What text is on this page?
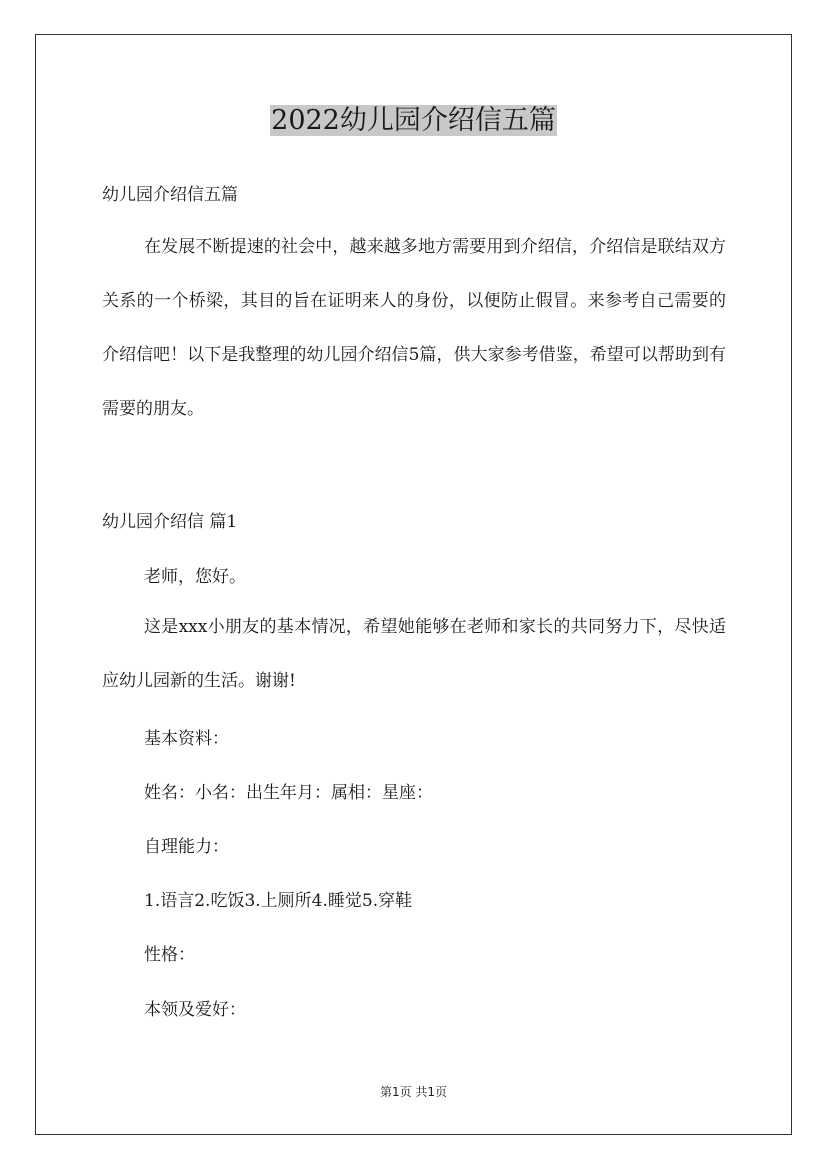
2022幼儿园介绍信五篇

幼儿园介绍信五篇

在发展不断提速的社会中，越来越多地方需要用到介绍信，介绍信是联结双方关系的一个桥梁，其目的旨在证明来人的身份，以便防止假冒。来参考自己需要的介绍信吧！以下是我整理的幼儿园介绍信5篇，供大家参考借鉴，希望可以帮助到有需要的朋友。

幼儿园介绍信 篇1

老师，您好。

这是xxx小朋友的基本情况，希望她能够在老师和家长的共同努力下，尽快适应幼儿园新的生活。谢谢!

基本资料：

姓名：小名：出生年月：属相：星座：

自理能力：

1.语言2.吃饭3.上厕所4.睡觉5.穿鞋

性格：

本领及爱好：

第1页 共1页
